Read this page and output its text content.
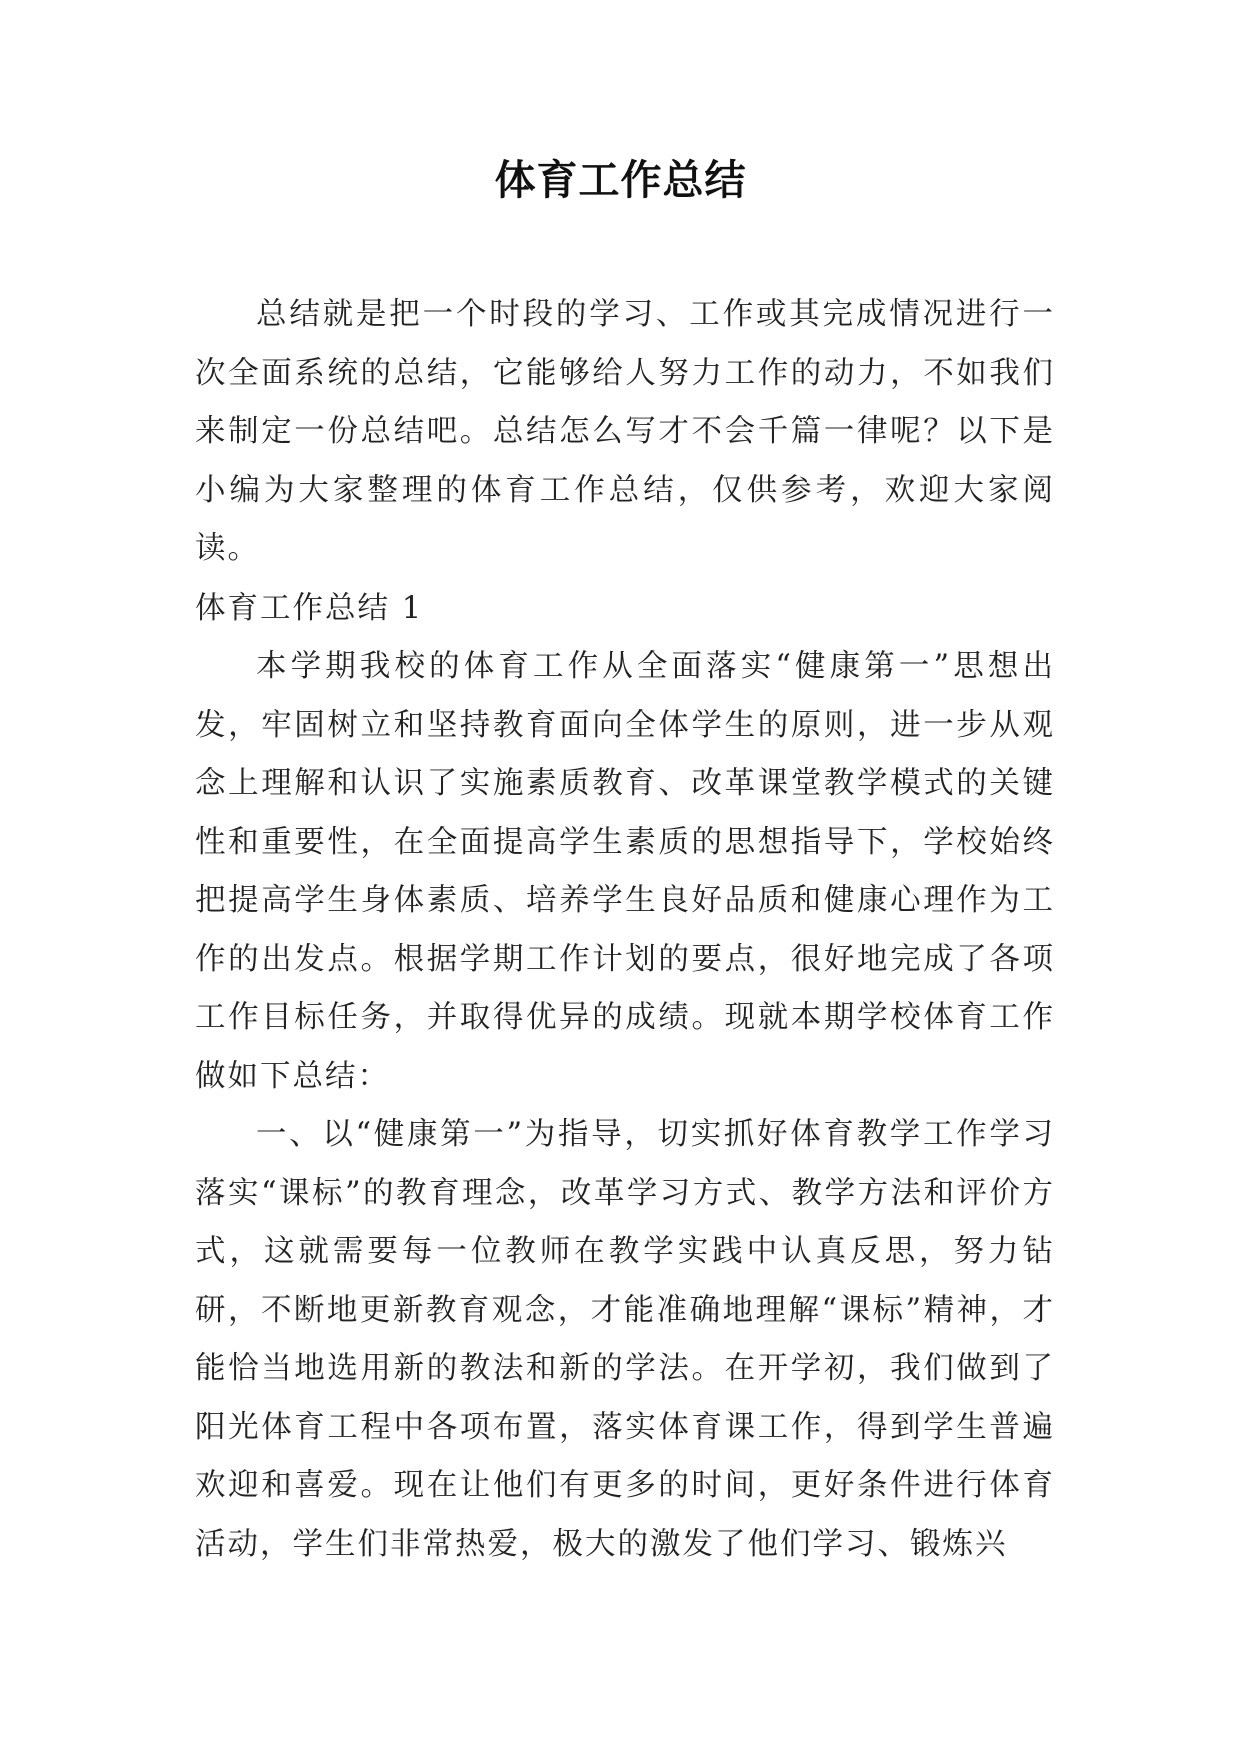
体育工作总结

总结就是把一个时段的学习、工作或其完成情况进行一次全面系统的总结，它能够给人努力工作的动力，不如我们来制定一份总结吧。总结怎么写才不会千篇一律呢？以下是小编为大家整理的体育工作总结，仅供参考，欢迎大家阅读。

体育工作总结 1

本学期我校的体育工作从全面落实“健康第一”思想出发，牢固树立和坚持教育面向全体学生的原则，进一步从观念上理解和认识了实施素质教育、改革课堂教学模式的关键性和重要性，在全面提高学生素质的思想指导下，学校始终把提高学生身体素质、培养学生良好品质和健康心理作为工作的出发点。根据学期工作计划的要点，很好地完成了各项工作目标任务，并取得优异的成绩。现就本期学校体育工作做如下总结：

一、以“健康第一”为指导，切实抓好体育教学工作学习落实“课标”的教育理念，改革学习方式、教学方法和评价方式，这就需要每一位教师在教学实践中认真反思，努力钻研，不断地更新教育观念，才能准确地理解“课标”精神，才能恰当地选用新的教法和新的学法。在开学初，我们做到了阳光体育工程中各项布置，落实体育课工作，得到学生普遍欢迎和喜爱。现在让他们有更多的时间，更好条件进行体育活动，学生们非常热爱，极大的激发了他们学习、锻炼兴
